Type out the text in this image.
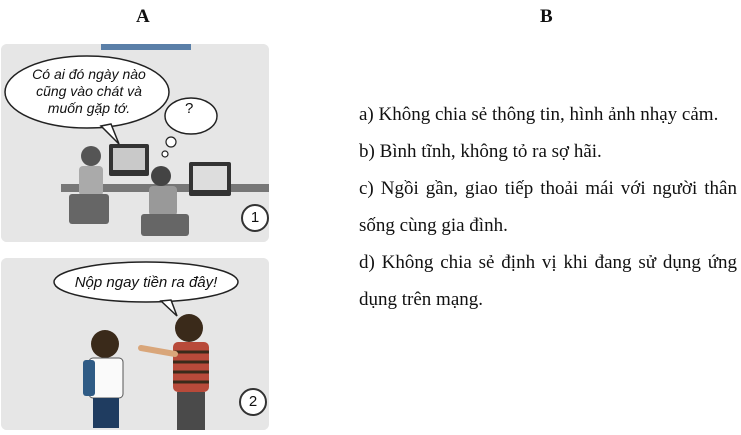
A	B
Có ai đó ngày nào cũng vào chát và muốn gặp tớ.	?
1
Nộp ngay tiền ra đây!
2
a) Không chia sẻ thông tin, hình ảnh nhạy cảm.
b) Bình tĩnh, không tỏ ra sợ hãi.
c) Ngồi gần, giao tiếp thoải mái với người thân sống cùng gia đình.
d) Không chia sẻ định vị khi đang sử dụng ứng dụng trên mạng.
